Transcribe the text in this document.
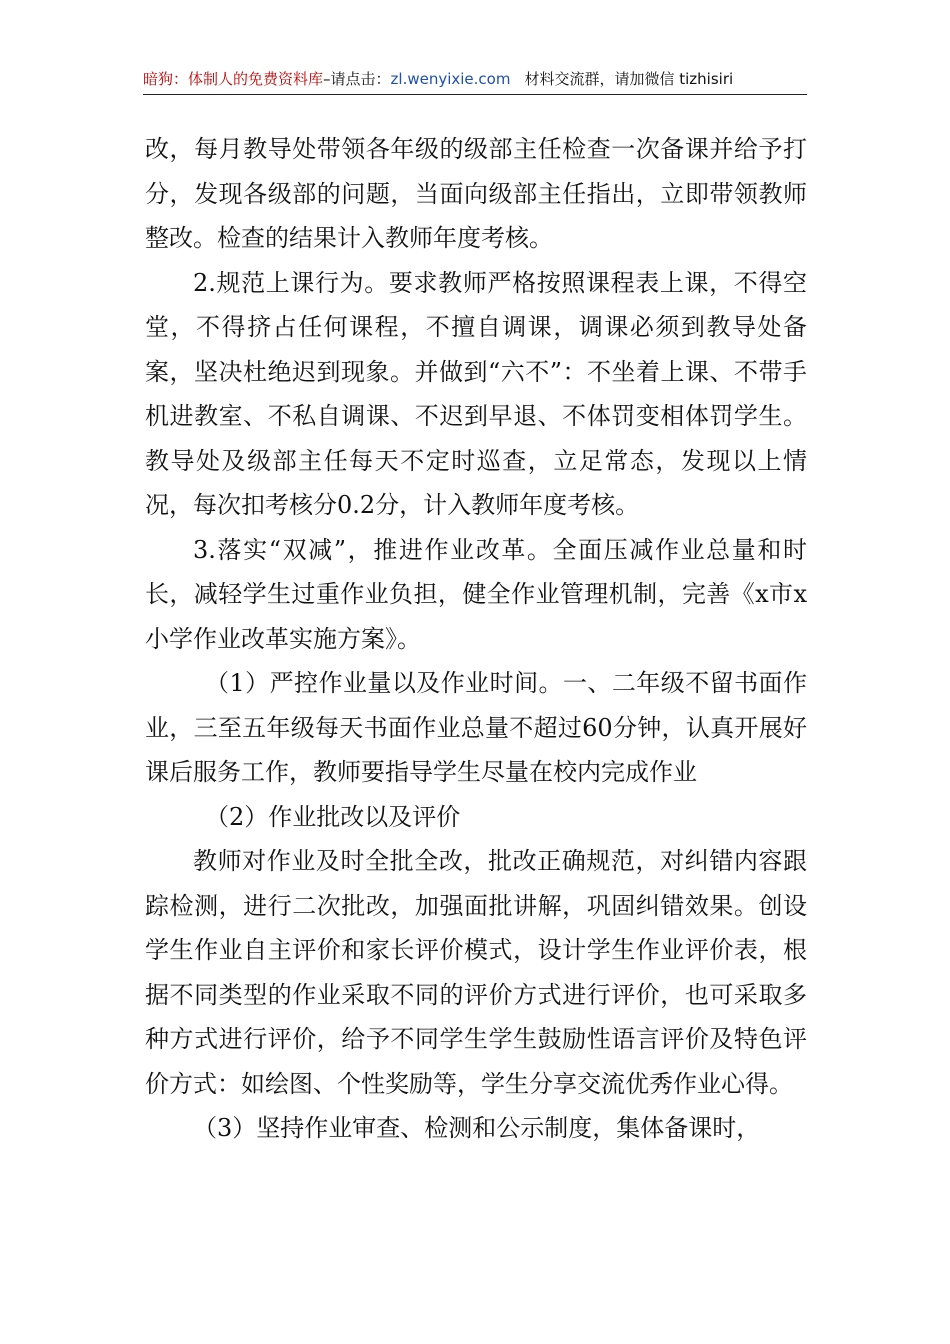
暗狗：体制人的免费资料库–请点击：zl.wenyixie.com 材料交流群，请加微信 tizhisiri

改，每月教导处带领各年级的级部主任检查一次备课并给予打分，发现各级部的问题，当面向级部主任指出，立即带领教师整改。检查的结果计入教师年度考核。

2.规范上课行为。要求教师严格按照课程表上课，不得空堂，不得挤占任何课程，不擅自调课，调课必须到教导处备案，坚决杜绝迟到现象。并做到“六不”：不坐着上课、不带手机进教室、不私自调课、不迟到早退、不体罚变相体罚学生。教导处及级部主任每天不定时巡查，立足常态，发现以上情况，每次扣考核分0.2分，计入教师年度考核。

3.落实“双减”，推进作业改革。全面压减作业总量和时长，减轻学生过重作业负担，健全作业管理机制，完善《x市x小学作业改革实施方案》。

（1）严控作业量以及作业时间。一、二年级不留书面作业，三至五年级每天书面作业总量不超过60分钟，认真开展好课后服务工作，教师要指导学生尽量在校内完成作业

（2）作业批改以及评价

教师对作业及时全批全改，批改正确规范，对纠错内容跟踪检测，进行二次批改，加强面批讲解，巩固纠错效果。创设学生作业自主评价和家长评价模式，设计学生作业评价表，根据不同类型的作业采取不同的评价方式进行评价，也可采取多种方式进行评价，给予不同学生学生鼓励性语言评价及特色评价方式：如绘图、个性奖励等，学生分享交流优秀作业心得。

（3）坚持作业审查、检测和公示制度，集体备课时，
